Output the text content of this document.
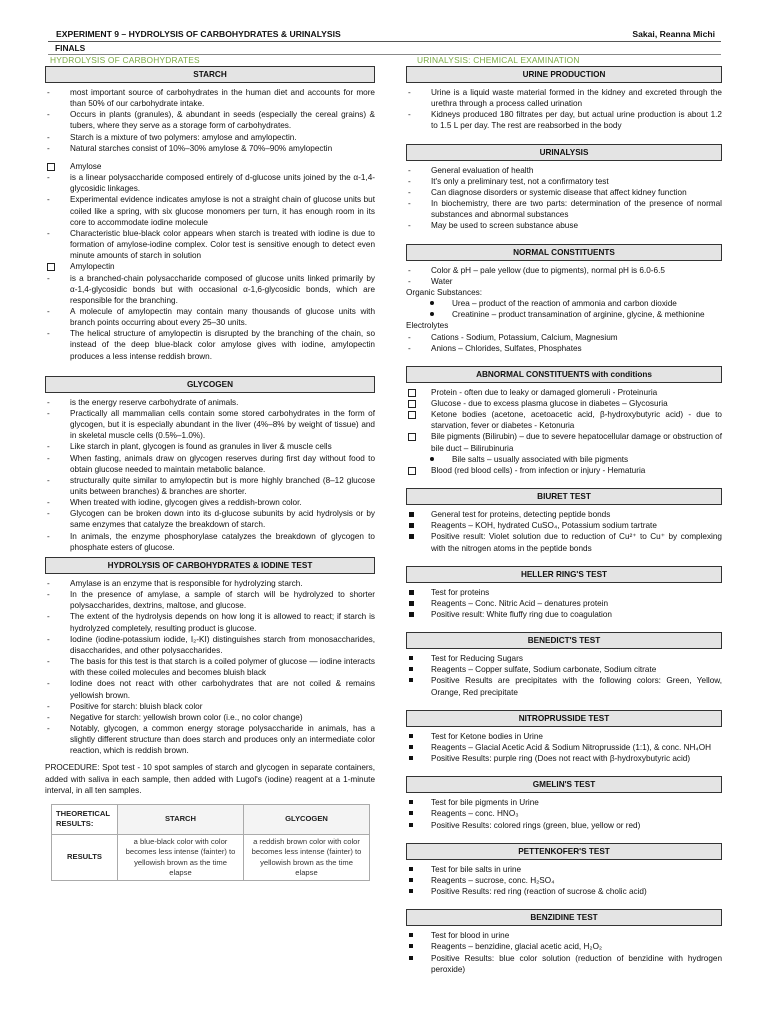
EXPERIMENT 9 – HYDROLYSIS OF CARBOHYDRATES & URINALYSIS	Sakai, Reanna Michi
FINALS
HYDROLYSIS OF CARBOHYDRATES	URINALYSIS: CHEMICAL EXAMINATION
STARCH
- most important source of carbohydrates in the human diet and accounts for more than 50% of our carbohydrate intake.
- Occurs in plants (granules), & abundant in seeds (especially the cereal grains) & tubers, where they serve as a storage form of carbohydrates.
- Starch is a mixture of two polymers: amylose and amylopectin.
- Natural starches consist of 10%–30% amylose & 70%–90% amylopectin
Amylose
- is a linear polysaccharide composed entirely of d-glucose units joined by the α-1,4-glycosidic linkages.
- Experimental evidence indicates amylose is not a straight chain of glucose units but coiled like a spring, with six glucose monomers per turn, it has enough room in its core to accommodate iodine molecule
- Characteristic blue-black color appears when starch is treated with iodine is due to formation of amylose-iodine complex. Color test is sensitive enough to detect even minute amounts of starch in solution
Amylopectin
- is a branched-chain polysaccharide composed of glucose units linked primarily by α-1,4-glycosidic bonds but with occasional α-1,6-glycosidic bonds, which are responsible for the branching.
- A molecule of amylopectin may contain many thousands of glucose units with branch points occurring about every 25–30 units.
- The helical structure of amylopectin is disrupted by the branching of the chain, so instead of the deep blue-black color amylose gives with iodine, amylopectin produces a less intense reddish brown.
GLYCOGEN
- is the energy reserve carbohydrate of animals.
- Practically all mammalian cells contain some stored carbohydrates in the form of glycogen, but it is especially abundant in the liver (4%–8% by weight of tissue) and in skeletal muscle cells (0.5%–1.0%).
- Like starch in plant, glycogen is found as granules in liver & muscle cells
- When fasting, animals draw on glycogen reserves during first day without food to obtain glucose needed to maintain metabolic balance.
- structurally quite similar to amylopectin but is more highly branched (8–12 glucose units between branches) & branches are shorter.
- When treated with iodine, glycogen gives a reddish-brown color.
- Glycogen can be broken down into its d-glucose subunits by acid hydrolysis or by same enzymes that catalyze the breakdown of starch.
- In animals, the enzyme phosphorylase catalyzes the breakdown of glycogen to phosphate esters of glucose.
HYDROLYSIS OF CARBOHYDRATES & IODINE TEST
- Amylase is an enzyme that is responsible for hydrolyzing starch.
- In the presence of amylase, a sample of starch will be hydrolyzed to shorter polysaccharides, dextrins, maltose, and glucose.
- The extent of the hydrolysis depends on how long it is allowed to react; if starch is hydrolyzed completely, resulting product is glucose.
- Iodine (iodine-potassium iodide, I₂-KI) distinguishes starch from monosaccharides, disaccharides, and other polysaccharides.
- The basis for this test is that starch is a coiled polymer of glucose — iodine interacts with these coiled molecules and becomes bluish black
- Iodine does not react with other carbohydrates that are not coiled & remains yellowish brown.
- Positive for starch: bluish black color
- Negative for starch: yellowish brown color (i.e., no color change)
- Notably, glycogen, a common energy storage polysaccharide in animals, has a slightly different structure than does starch and produces only an intermediate color reaction, which is reddish brown.

PROCEDURE: Spot test - 10 spot samples of starch and glycogen in separate containers, added with saliva in each sample, then added with Lugol's (iodine) reagent at a 1-minute interval, in all ten samples.

THEORETICAL RESULTS:	STARCH	GLYCOGEN
RESULTS	a blue-black color with color becomes less intense (fainter) to yellowish brown as the time elapse	a reddish brown color with color becomes less intense (fainter) to yellowish brown as the time elapse
URINE PRODUCTION
- Urine is a liquid waste material formed in the kidney and excreted through the urethra through a process called urination
- Kidneys produced 180 filtrates per day, but actual urine production is about 1.2 to 1.5 L per day. The rest are reabsorbed in the body
URINALYSIS
- General evaluation of health
- It's only a preliminary test, not a confirmatory test
- Can diagnose disorders or systemic disease that affect kidney function
- In biochemistry, there are two parts: determination of the presence of normal substances and abnormal substances
- May be used to screen substance abuse
NORMAL CONSTITUENTS
- Color & pH – pale yellow (due to pigments), normal pH is 6.0-6.5
- Water
Organic Substances:
Urea – product of the reaction of ammonia and carbon dioxide
Creatinine – product transamination of arginine, glycine, & methionine
Electrolytes
- Cations - Sodium, Potassium, Calcium, Magnesium
- Anions – Chlorides, Sulfates, Phosphates
ABNORMAL CONSTITUENTS with conditions
Protein - often due to leaky or damaged glomeruli - Proteinuria
Glucose - due to excess plasma glucose in diabetes – Glycosuria
Ketone bodies (acetone, acetoacetic acid, β-hydroxybutyric acid) - due to starvation, fever or diabetes - Ketonuria
Bile pigments (Bilirubin) – due to severe hepatocellular damage or obstruction of bile duct – Bilirubinuria
Bile salts – usually associated with bile pigments
Blood (red blood cells) - from infection or injury - Hematuria
BIURET TEST
General test for proteins, detecting peptide bonds
Reagents – KOH, hydrated CuSO₄, Potassium sodium tartrate
Positive result: Violet solution due to reduction of Cu²⁺ to Cu⁺ by complexing with the nitrogen atoms in the peptide bonds
HELLER RING'S TEST
Test for proteins
Reagents – Conc. Nitric Acid – denatures protein
Positive result: White fluffy ring due to coagulation
BENEDICT'S TEST
Test for Reducing Sugars
Reagents – Copper sulfate, Sodium carbonate, Sodium citrate
Positive Results are precipitates with the following colors: Green, Yellow, Orange, Red precipitate
NITROPRUSSIDE TEST
Test for Ketone bodies in Urine
Reagents – Glacial Acetic Acid & Sodium Nitroprusside (1:1), & conc. NH₄OH
Positive Results: purple ring (Does not react with β-hydroxybutyric acid)
GMELIN'S TEST
Test for bile pigments in Urine
Reagents – conc. HNO₃
Positive Results: colored rings (green, blue, yellow or red)
PETTENKOFER'S TEST
Test for bile salts in urine
Reagents – sucrose, conc. H₂SO₄
Positive Results: red ring (reaction of sucrose & cholic acid)
BENZIDINE TEST
Test for blood in urine
Reagents – benzidine, glacial acetic acid, H₂O₂
Positive Results: blue color solution (reduction of benzidine with hydrogen peroxide)
